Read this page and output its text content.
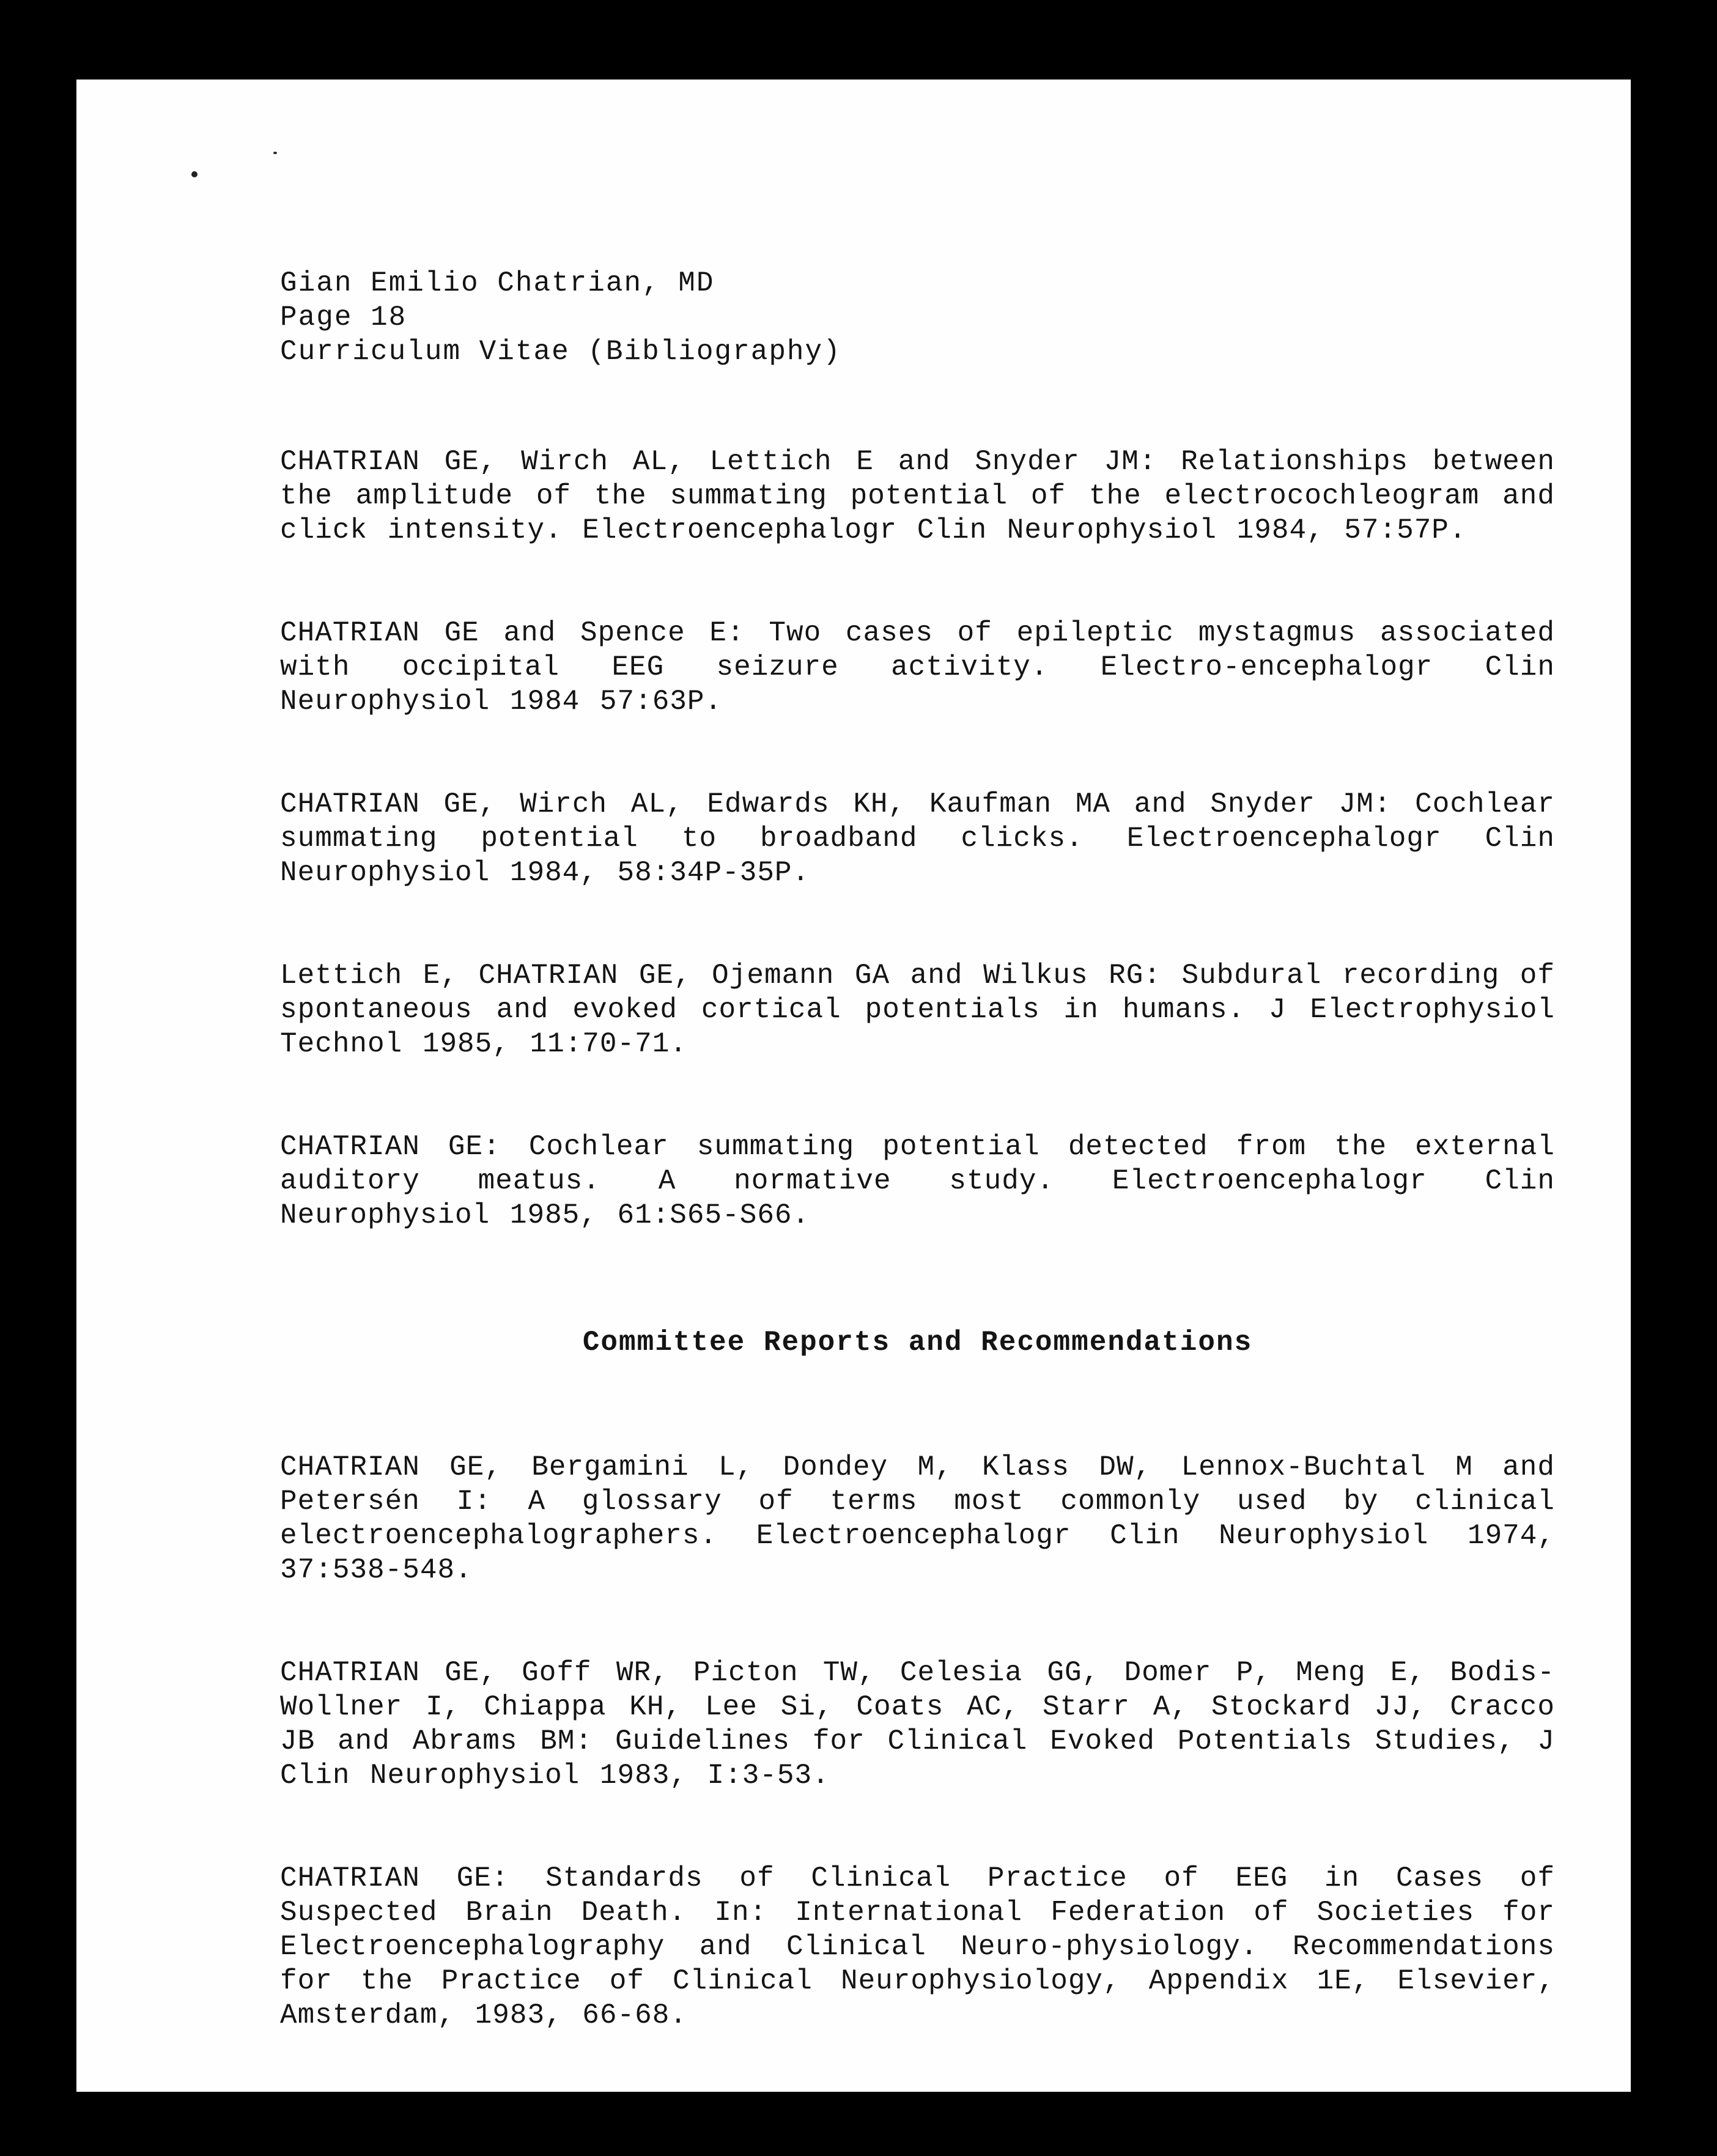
Gian Emilio Chatrian, MD
Page 18
Curriculum Vitae (Bibliography)

CHATRIAN GE, Wirch AL, Lettich E and Snyder JM: Relationships between the amplitude of the summating potential of the electrocochleogram and click intensity. Electroencephalogr Clin Neurophysiol 1984, 57:57P.

CHATRIAN GE and Spence E: Two cases of epileptic mystagmus associated with occipital EEG seizure activity. Electro-encephalogr Clin Neurophysiol 1984 57:63P.

CHATRIAN GE, Wirch AL, Edwards KH, Kaufman MA and Snyder JM: Cochlear summating potential to broadband clicks. Electroencephalogr Clin Neurophysiol 1984, 58:34P-35P.

Lettich E, CHATRIAN GE, Ojemann GA and Wilkus RG: Subdural recording of spontaneous and evoked cortical potentials in humans. J Electrophysiol Technol 1985, 11:70-71.

CHATRIAN GE: Cochlear summating potential detected from the external auditory meatus. A normative study. Electroencephalogr Clin Neurophysiol 1985, 61:S65-S66.

Committee Reports and Recommendations

CHATRIAN GE, Bergamini L, Dondey M, Klass DW, Lennox-Buchtal M and Petersén I: A glossary of terms most commonly used by clinical electroencephalographers. Electroencephalogr Clin Neurophysiol 1974, 37:538-548.

CHATRIAN GE, Goff WR, Picton TW, Celesia GG, Domer P, Meng E, Bodis-Wollner I, Chiappa KH, Lee Si, Coats AC, Starr A, Stockard JJ, Cracco JB and Abrams BM: Guidelines for Clinical Evoked Potentials Studies, J Clin Neurophysiol 1983, I:3-53.

CHATRIAN GE: Standards of Clinical Practice of EEG in Cases of Suspected Brain Death. In: International Federation of Societies for Electroencephalography and Clinical Neuro-physiology. Recommendations for the Practice of Clinical Neurophysiology, Appendix 1E, Elsevier, Amsterdam, 1983, 66-68.
